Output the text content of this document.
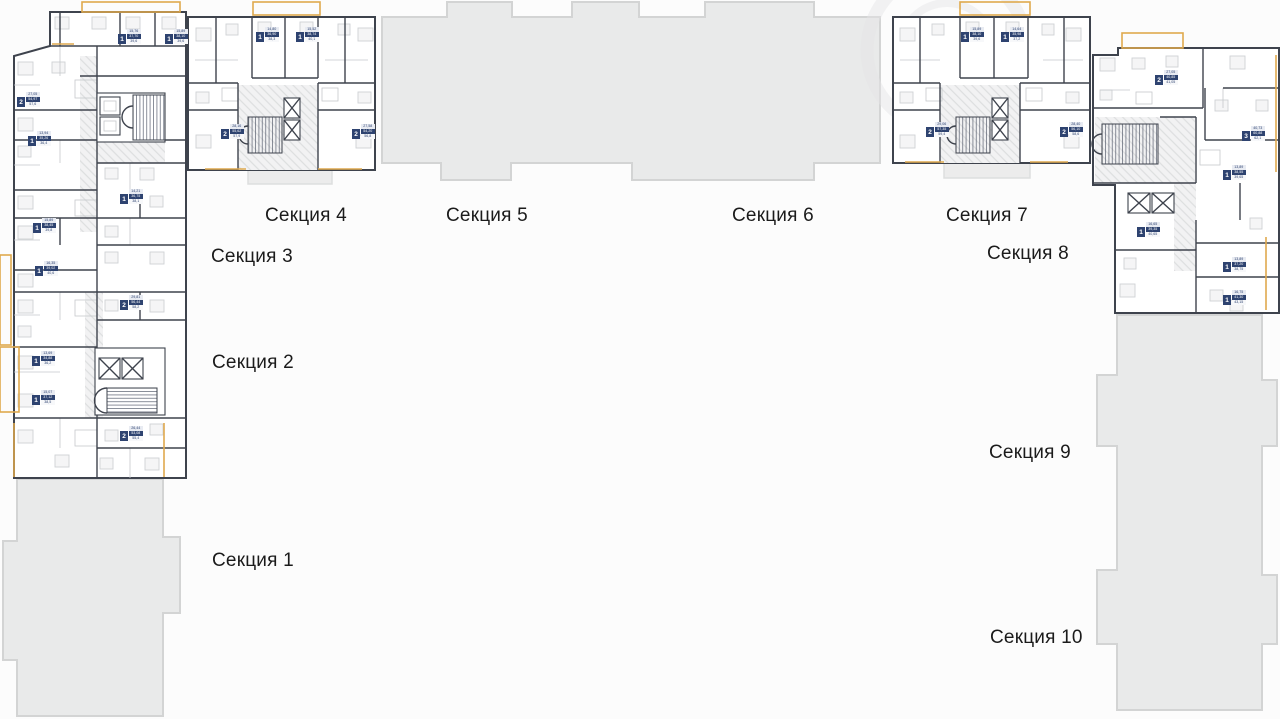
Секция 1
Секция 2
Секция 3
Секция 4	Секция 5	Секция 6	Секция 7
Секция 8
Секция 9
Секция 10
1
15,76
37,70
39,6	1
15,89
38,10
39,6
2
27,05
54,97
57,6
1
13,94
35,26
36,4
1
14,21
36,75
38,1
1
15,89
38,45
39,8
1
16,35
39,02
40,6
2
29,81
56,44
58,2
1
13,69
34,88
36,2
1
15,07
37,12
38,5
2
26,44
53,08
55,4
1
14,80
36,90
38,3	1
15,52
38,74
40,1
2
28,16
55,62
57,9	2
27,58
54,20
56,8
1
15,89
38,10
39,6	1
14,64
35,98
37,2
2
29,06
57,35
59,4	2
28,40
56,10
58,6
2
27,05
40,85
41,05
3
40,73
60,88
62,1
1
13,89
38,55
39,65
1
16,65
39,35
40,65
1
13,89
37,20
38,75
1
16,75
41,30
43,15
